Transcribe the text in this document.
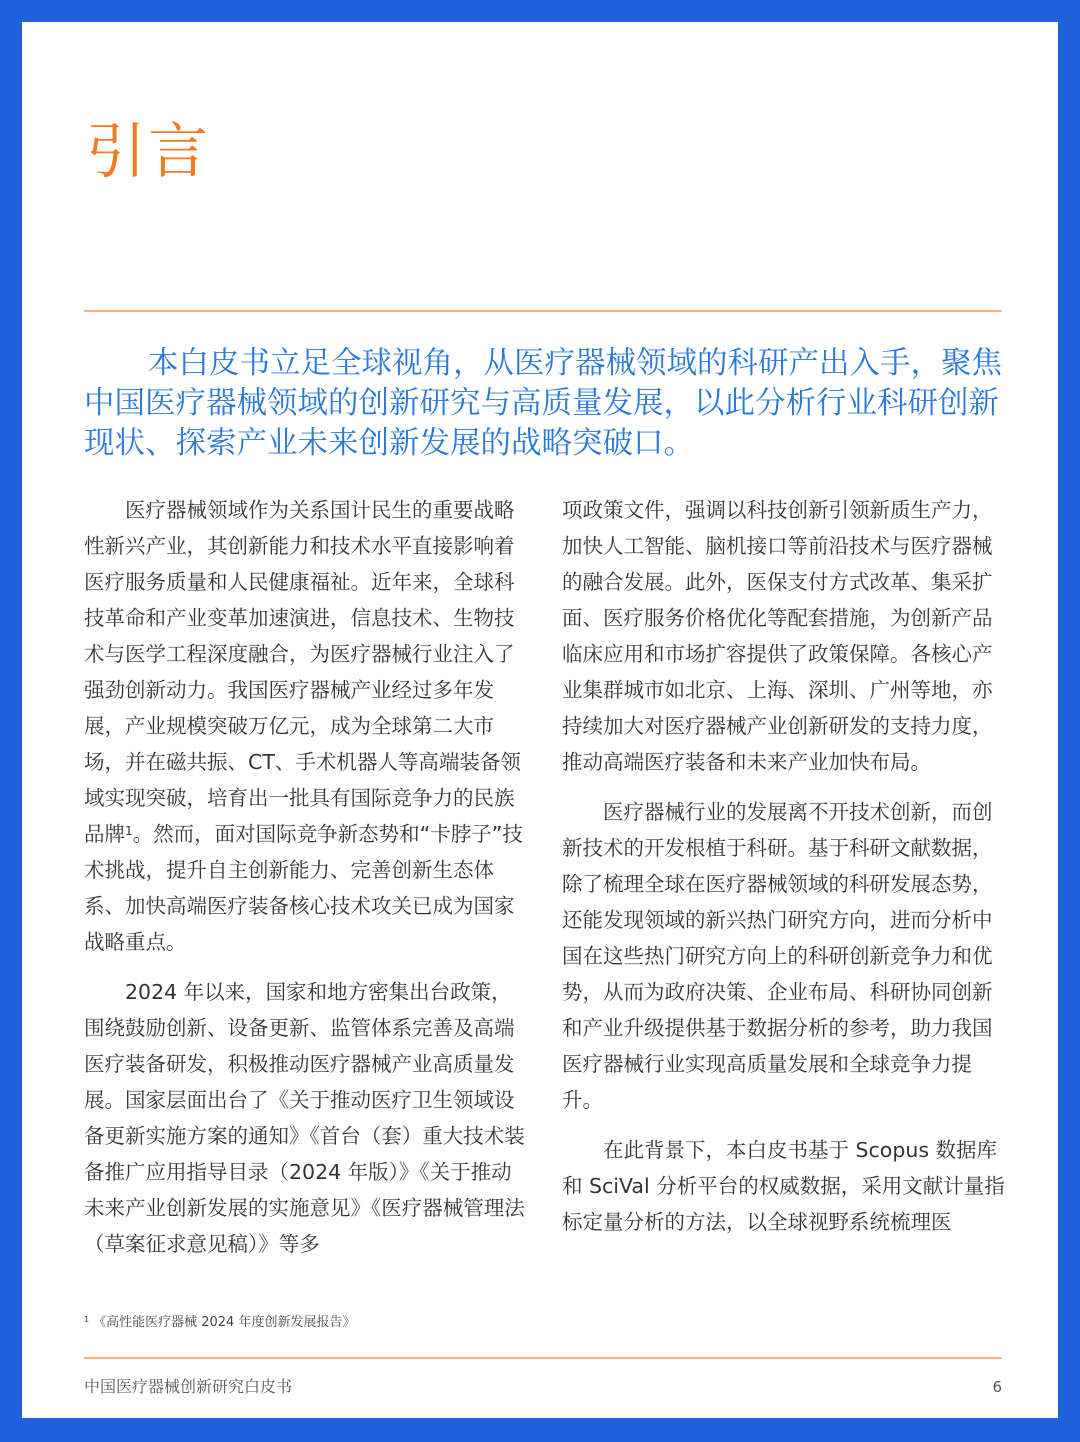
引言

本白皮书立足全球视角，从医疗器械领域的科研产出入手，聚焦中国医疗器械领域的创新研究与高质量发展，以此分析行业科研创新现状、探索产业未来创新发展的战略突破口。

医疗器械领域作为关系国计民生的重要战略性新兴产业，其创新能力和技术水平直接影响着医疗服务质量和人民健康福祉。近年来，全球科技革命和产业变革加速演进，信息技术、生物技术与医学工程深度融合，为医疗器械行业注入了强劲创新动力。我国医疗器械产业经过多年发展，产业规模突破万亿元，成为全球第二大市场，并在磁共振、CT、手术机器人等高端装备领域实现突破，培育出一批具有国际竞争力的民族品牌$^1$。然而，面对国际竞争新态势和“卡脖子”技术挑战，提升自主创新能力、完善创新生态体系、加快高端医疗装备核心技术攻关已成为国家战略重点。

2024 年以来，国家和地方密集出台政策，围绕鼓励创新、设备更新、监管体系完善及高端医疗装备研发，积极推动医疗器械产业高质量发展。国家层面出台了《关于推动医疗卫生领域设备更新实施方案的通知》《首台（套）重大技术装备推广应用指导目录（2024 年版）》《关于推动未来产业创新发展的实施意见》《医疗器械管理法（草案征求意见稿）》等多

项政策文件，强调以科技创新引领新质生产力，加快人工智能、脑机接口等前沿技术与医疗器械的融合发展。此外，医保支付方式改革、集采扩面、医疗服务价格优化等配套措施，为创新产品临床应用和市场扩容提供了政策保障。各核心产业集群城市如北京、上海、深圳、广州等地，亦持续加大对医疗器械产业创新研发的支持力度，推动高端医疗装备和未来产业加快布局。

医疗器械行业的发展离不开技术创新，而创新技术的开发根植于科研。基于科研文献数据，除了梳理全球在医疗器械领域的科研发展态势，还能发现领域的新兴热门研究方向，进而分析中国在这些热门研究方向上的科研创新竞争力和优势，从而为政府决策、企业布局、科研协同创新和产业升级提供基于数据分析的参考，助力我国医疗器械行业实现高质量发展和全球竞争力提升。

在此背景下，本白皮书基于 Scopus 数据库和 SciVal 分析平台的权威数据，采用文献计量指标定量分析的方法，以全球视野系统梳理医

$^1$ 《高性能医疗器械 2024 年度创新发展报告》
中国医疗器械创新研究白皮书	6
